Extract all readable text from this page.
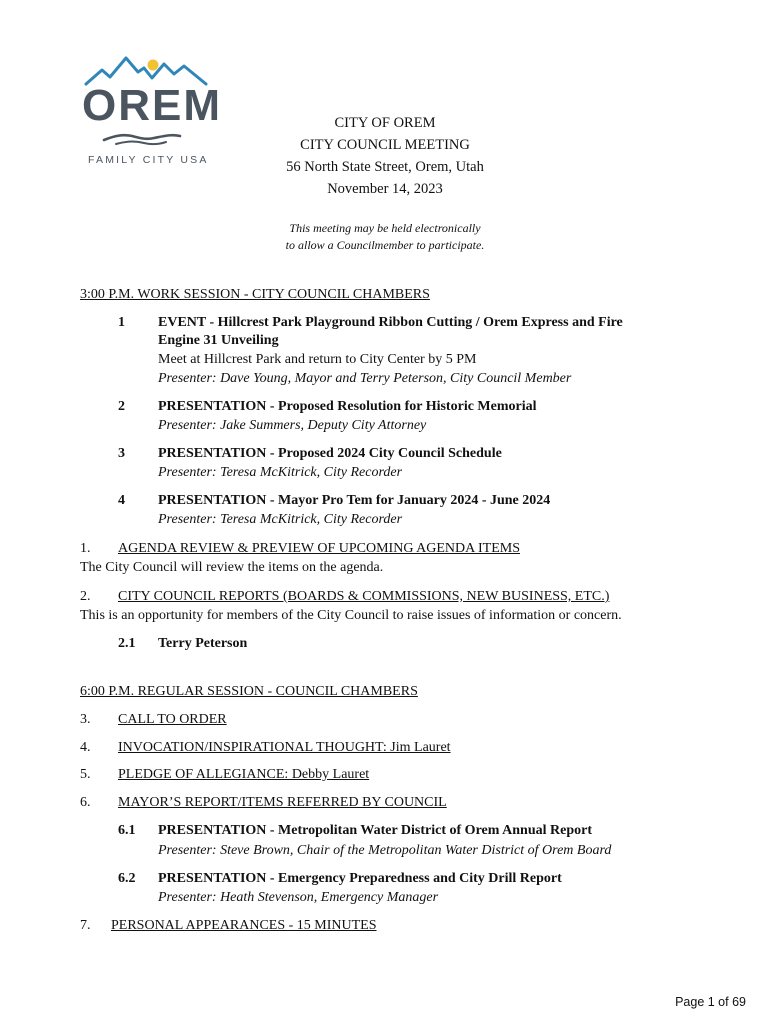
OREM
FAMILY CITY USA
CITY OF OREM
CITY COUNCIL MEETING
56 North State Street, Orem, Utah
November 14, 2023
This meeting may be held electronically
to allow a Councilmember to participate.
3:00 P.M. WORK SESSION - CITY COUNCIL CHAMBERS
1 EVENT - Hillcrest Park Playground Ribbon Cutting / Orem Express and Fire
Engine 31 Unveiling
Meet at Hillcrest Park and return to City Center by 5 PM
Presenter: Dave Young, Mayor and Terry Peterson, City Council Member
2 PRESENTATION - Proposed Resolution for Historic Memorial
Presenter: Jake Summers, Deputy City Attorney
3 PRESENTATION - Proposed 2024 City Council Schedule
Presenter: Teresa McKitrick, City Recorder
4 PRESENTATION - Mayor Pro Tem for January 2024 - June 2024
Presenter: Teresa McKitrick, City Recorder
1. AGENDA REVIEW & PREVIEW OF UPCOMING AGENDA ITEMS
The City Council will review the items on the agenda.
2. CITY COUNCIL REPORTS (BOARDS & COMMISSIONS, NEW BUSINESS, ETC.)
This is an opportunity for members of the City Council to raise issues of information or concern.
2.1 Terry Peterson
6:00 P.M. REGULAR SESSION - COUNCIL CHAMBERS
3. CALL TO ORDER
4. INVOCATION/INSPIRATIONAL THOUGHT: Jim Lauret
5. PLEDGE OF ALLEGIANCE: Debby Lauret
6. MAYOR’S REPORT/ITEMS REFERRED BY COUNCIL
6.1 PRESENTATION - Metropolitan Water District of Orem Annual Report
Presenter: Steve Brown, Chair of the Metropolitan Water District of Orem Board
6.2 PRESENTATION - Emergency Preparedness and City Drill Report
Presenter: Heath Stevenson, Emergency Manager
7. PERSONAL APPEARANCES - 15 MINUTES
Page 1 of 69
